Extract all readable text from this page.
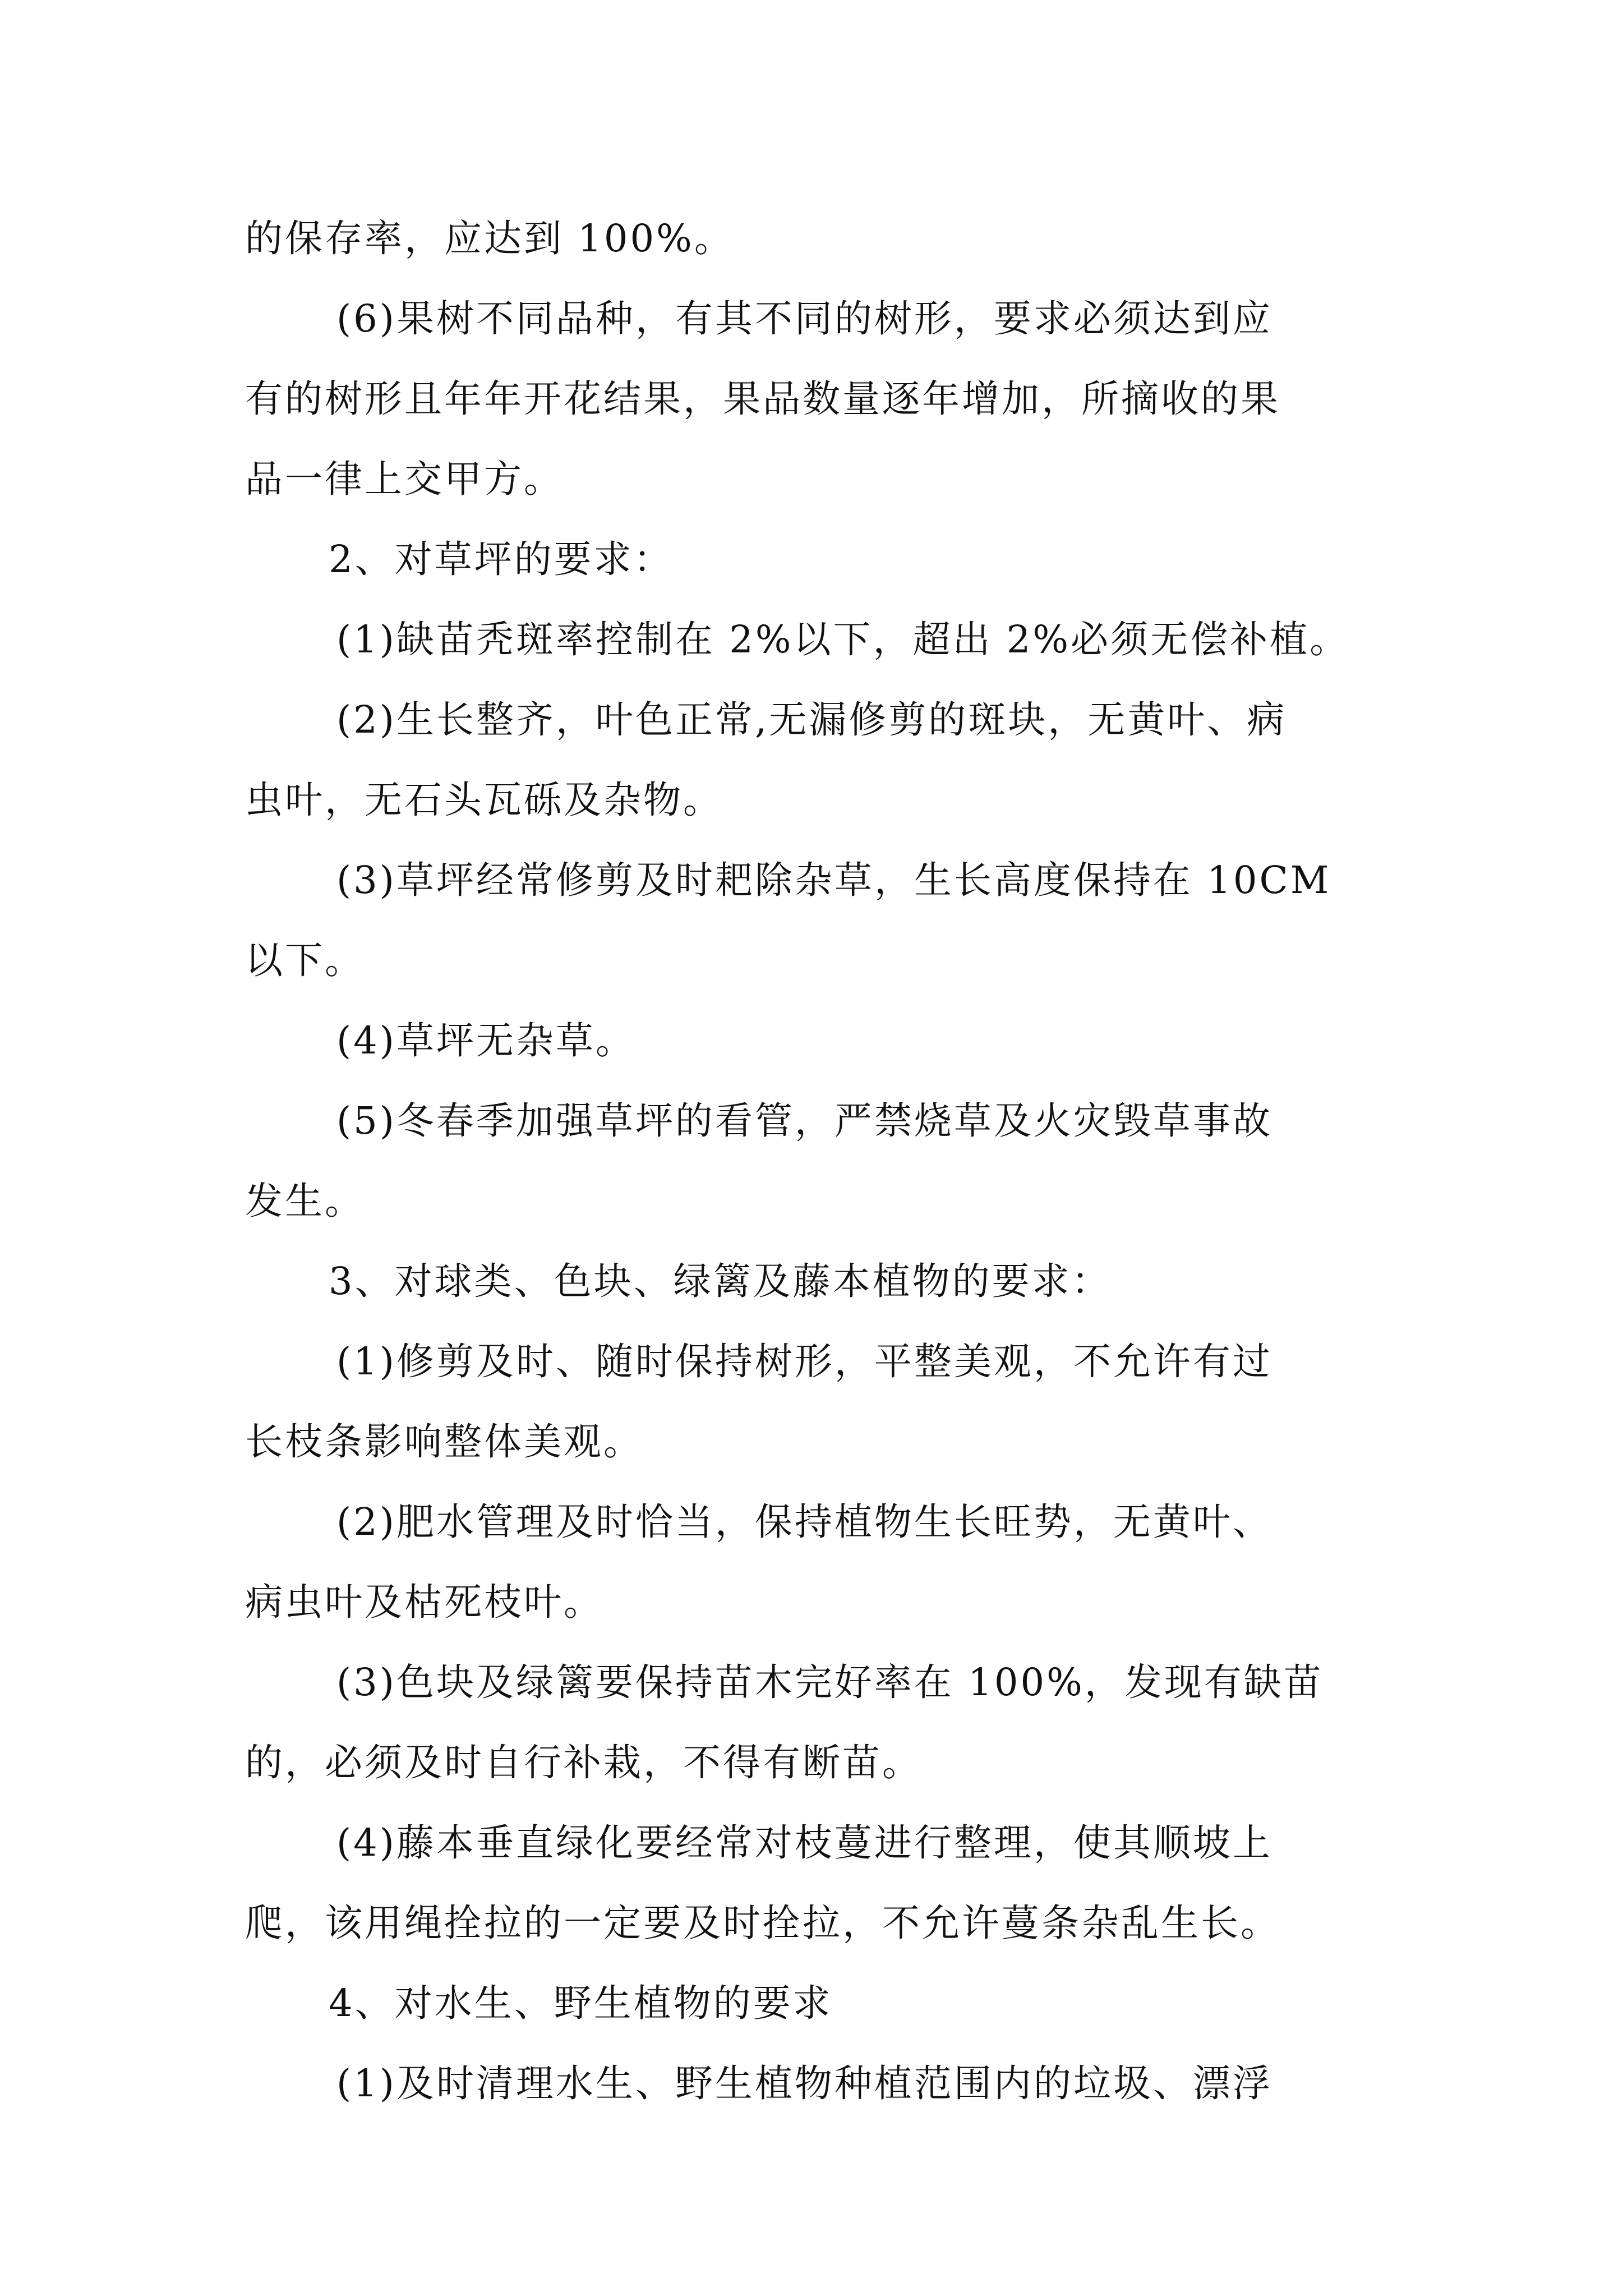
的保存率，应达到 100%。
(6)果树不同品种，有其不同的树形，要求必须达到应
有的树形且年年开花结果，果品数量逐年增加，所摘收的果
品一律上交甲方。
2、对草坪的要求：
(1)缺苗秃斑率控制在 2%以下，超出 2%必须无偿补植。
(2)生长整齐，叶色正常,无漏修剪的斑块，无黄叶、病
虫叶，无石头瓦砾及杂物。
(3)草坪经常修剪及时耙除杂草，生长高度保持在 10CM
以下。
(4)草坪无杂草。
(5)冬春季加强草坪的看管，严禁烧草及火灾毁草事故
发生。
3、对球类、色块、绿篱及藤本植物的要求：
(1)修剪及时、随时保持树形，平整美观，不允许有过
长枝条影响整体美观。
(2)肥水管理及时恰当，保持植物生长旺势，无黄叶、
病虫叶及枯死枝叶。
(3)色块及绿篱要保持苗木完好率在 100%，发现有缺苗
的，必须及时自行补栽，不得有断苗。
(4)藤本垂直绿化要经常对枝蔓进行整理，使其顺坡上
爬，该用绳拴拉的一定要及时拴拉，不允许蔓条杂乱生长。
4、对水生、野生植物的要求
(1)及时清理水生、野生植物种植范围内的垃圾、漂浮
